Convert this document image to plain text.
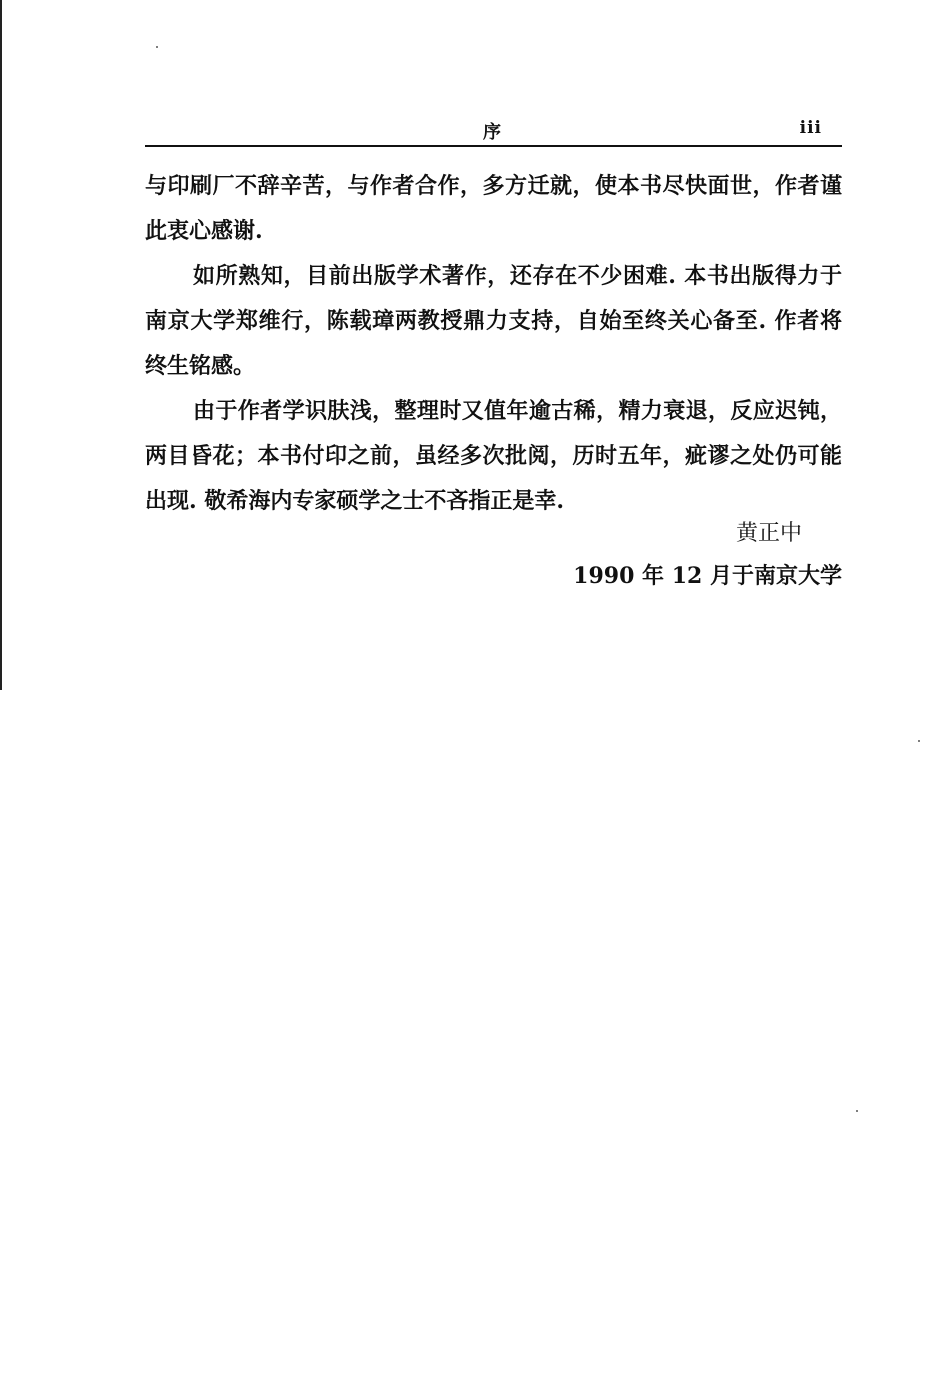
序	iii

与印刷厂不辞辛苦，与作者合作，多方迁就，使本书尽快面世，作者谨此衷心感谢.

如所熟知，目前出版学术著作，还存在不少困难. 本书出版得力于南京大学郑维行，陈载璋两教授鼎力支持，自始至终关心备至. 作者将终生铭感。

由于作者学识肤浅，整理时又值年逾古稀，精力衰退，反应迟钝，两目昏花；本书付印之前，虽经多次批阅，历时五年，疵谬之处仍可能出现. 敬希海内专家硕学之士不吝指正是幸.

黄正中
1990 年 12 月于南京大学
